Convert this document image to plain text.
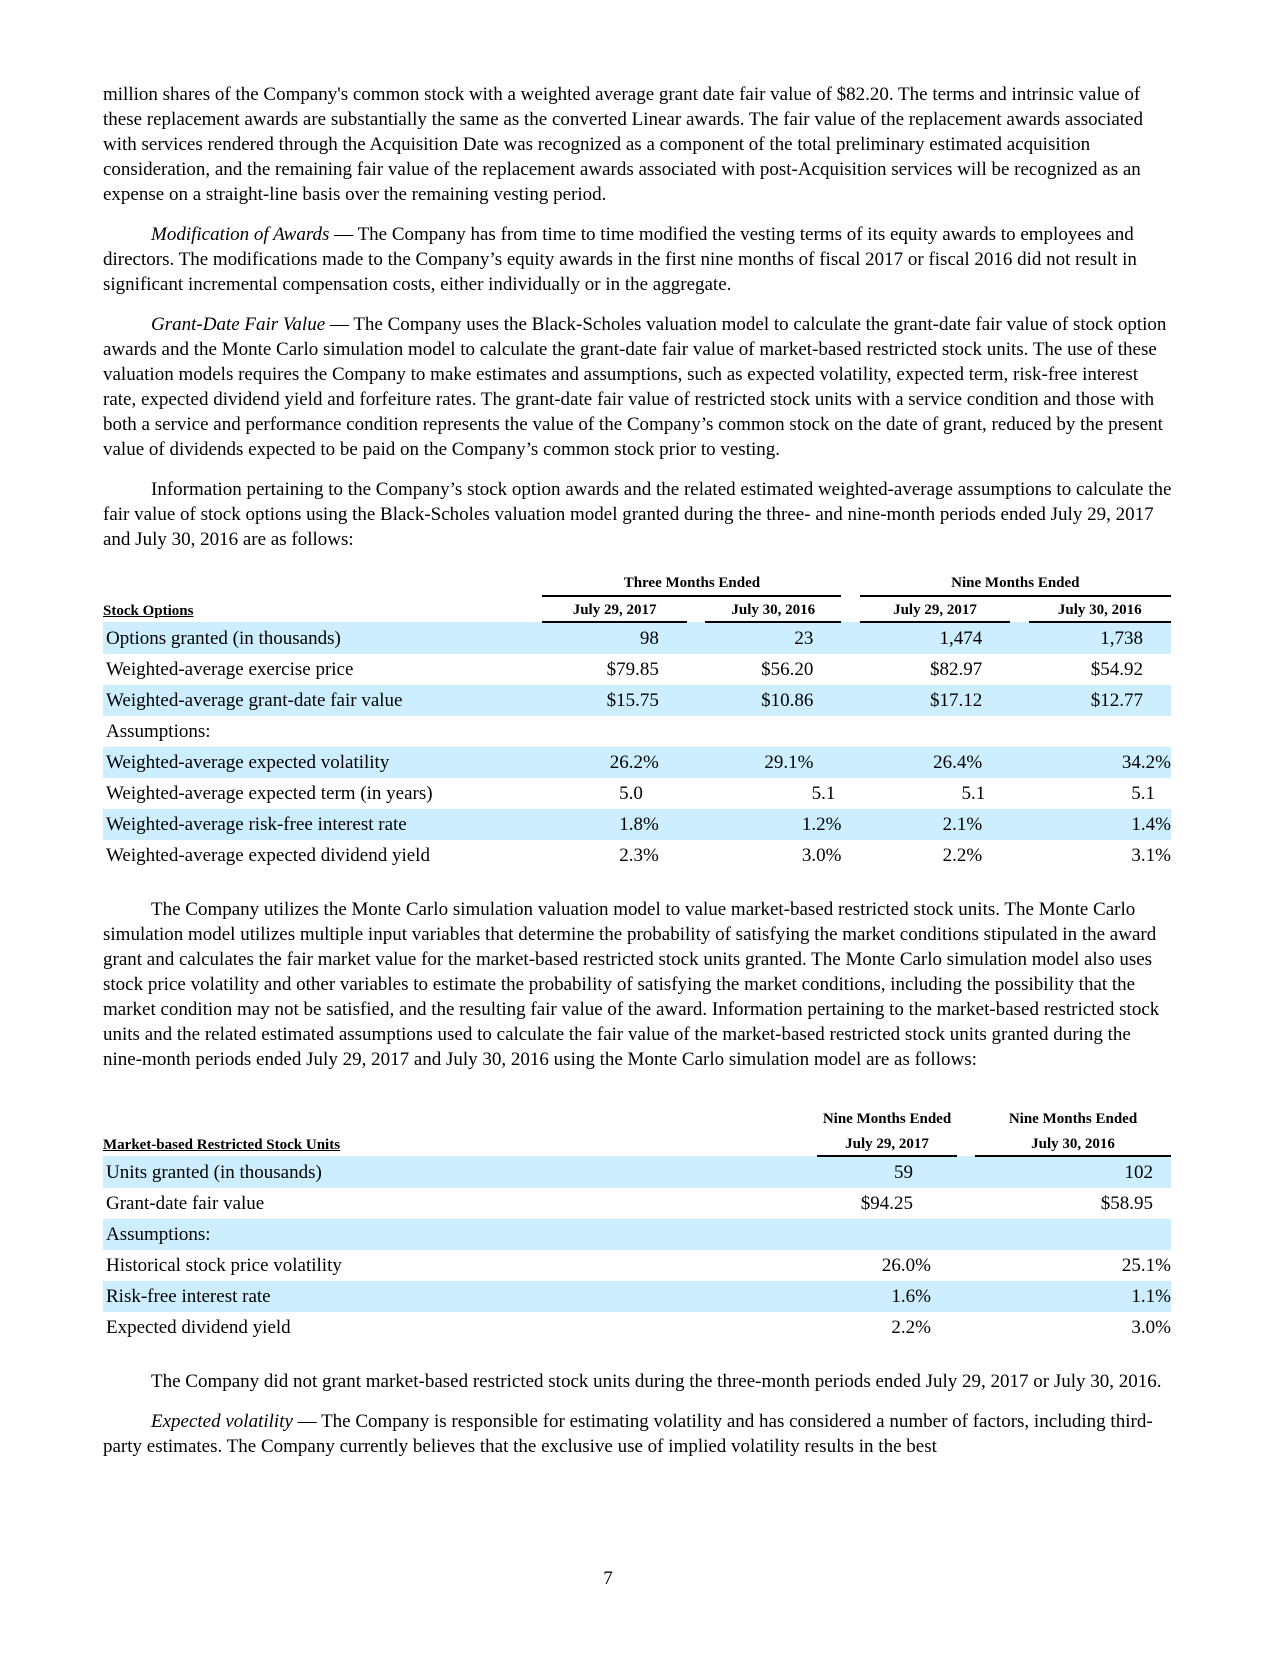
million shares of the Company's common stock with a weighted average grant date fair value of $82.20. The terms and intrinsic value of these replacement awards are substantially the same as the converted Linear awards. The fair value of the replacement awards associated with services rendered through the Acquisition Date was recognized as a component of the total preliminary estimated acquisition consideration, and the remaining fair value of the replacement awards associated with post-Acquisition services will be recognized as an expense on a straight-line basis over the remaining vesting period.

Modification of Awards — The Company has from time to time modified the vesting terms of its equity awards to employees and directors. The modifications made to the Company’s equity awards in the first nine months of fiscal 2017 or fiscal 2016 did not result in significant incremental compensation costs, either individually or in the aggregate.

Grant-Date Fair Value — The Company uses the Black-Scholes valuation model to calculate the grant-date fair value of stock option awards and the Monte Carlo simulation model to calculate the grant-date fair value of market-based restricted stock units. The use of these valuation models requires the Company to make estimates and assumptions, such as expected volatility, expected term, risk-free interest rate, expected dividend yield and forfeiture rates. The grant-date fair value of restricted stock units with a service condition and those with both a service and performance condition represents the value of the Company’s common stock on the date of grant, reduced by the present value of dividends expected to be paid on the Company’s common stock prior to vesting.

Information pertaining to the Company’s stock option awards and the related estimated weighted-average assumptions to calculate the fair value of stock options using the Black-Scholes valuation model granted during the three- and nine-month periods ended July 29, 2017 and July 30, 2016 are as follows:

	Three Months Ended				Nine Months Ended		
Stock Options	July 29, 2017		July 30, 2016		July 29, 2017		July 30, 2016
Options granted (in thousands)	98		23		1,474		1,738
Weighted-average exercise price	$79.85		$56.20		$82.97		$54.92
Weighted-average grant-date fair value	$15.75		$10.86		$17.12		$12.77
Assumptions:							
Weighted-average expected volatility	26.2%		29.1%		26.4%		34.2%
Weighted-average expected term (in years)	5.0		5.1		5.1		5.1
Weighted-average risk-free interest rate	1.8%		1.2%		2.1%		1.4%
Weighted-average expected dividend yield	2.3%		3.0%		2.2%		3.1%

The Company utilizes the Monte Carlo simulation valuation model to value market-based restricted stock units. The Monte Carlo simulation model utilizes multiple input variables that determine the probability of satisfying the market conditions stipulated in the award grant and calculates the fair market value for the market-based restricted stock units granted. The Monte Carlo simulation model also uses stock price volatility and other variables to estimate the probability of satisfying the market conditions, including the possibility that the market condition may not be satisfied, and the resulting fair value of the award. Information pertaining to the market-based restricted stock units and the related estimated assumptions used to calculate the fair value of the market-based restricted stock units granted during the nine-month periods ended July 29, 2017 and July 30, 2016 using the Monte Carlo simulation model are as follows:

	Nine Months Ended		Nine Months Ended
Market-based Restricted Stock Units	July 29, 2017		July 30, 2016
Units granted (in thousands)	59		102
Grant-date fair value	$94.25		$58.95
Assumptions:			
Historical stock price volatility	26.0%		25.1%
Risk-free interest rate	1.6%		1.1%
Expected dividend yield	2.2%		3.0%

The Company did not grant market-based restricted stock units during the three-month periods ended July 29, 2017 or July 30, 2016.

Expected volatility — The Company is responsible for estimating volatility and has considered a number of factors, including third-party estimates. The Company currently believes that the exclusive use of implied volatility results in the best

7
